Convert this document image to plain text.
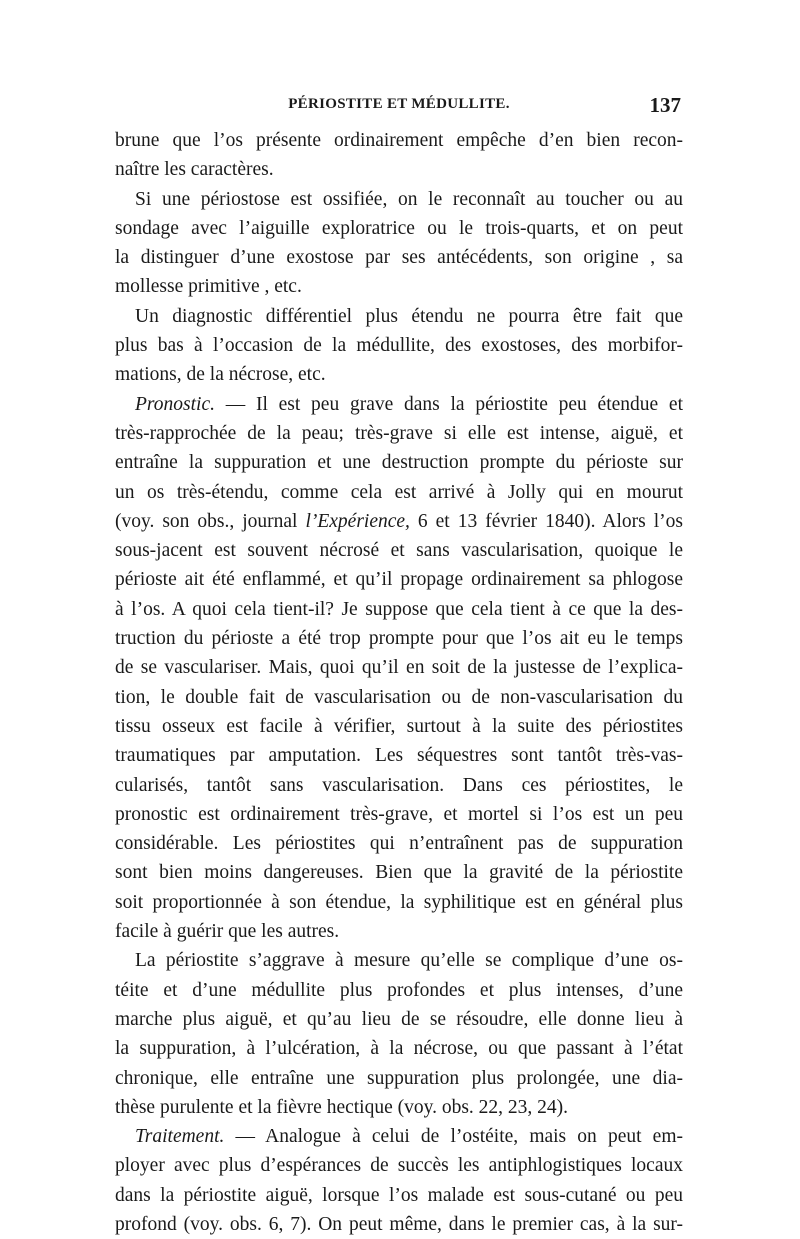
PÉRIOSTITE ET MÉDULLITE.	137
brune que l’os présente ordinairement empêche d’en bien recon-
naître les caractères.
Si une périostose est ossifiée, on le reconnaît au toucher ou au
sondage avec l’aiguille exploratrice ou le trois-quarts, et on peut
la distinguer d’une exostose par ses antécédents, son origine , sa
mollesse primitive , etc.
Un diagnostic différentiel plus étendu ne pourra être fait que
plus bas à l’occasion de la médullite, des exostoses, des morbifor-
mations, de la nécrose, etc.
Pronostic. — Il est peu grave dans la périostite peu étendue et
très-rapprochée de la peau; très-grave si elle est intense, aiguë, et
entraîne la suppuration et une destruction prompte du périoste sur
un os très-étendu, comme cela est arrivé à Jolly qui en mourut
(voy. son obs., journal l’Expérience, 6 et 13 février 1840). Alors l’os
sous-jacent est souvent nécrosé et sans vascularisation, quoique le
périoste ait été enflammé, et qu’il propage ordinairement sa phlogose
à l’os. A quoi cela tient-il? Je suppose que cela tient à ce que la des-
truction du périoste a été trop prompte pour que l’os ait eu le temps
de se vasculariser. Mais, quoi qu’il en soit de la justesse de l’explica-
tion, le double fait de vascularisation ou de non-vascularisation du
tissu osseux est facile à vérifier, surtout à la suite des périostites
traumatiques par amputation. Les séquestres sont tantôt très-vas-
cularisés, tantôt sans vascularisation. Dans ces périostites, le
pronostic est ordinairement très-grave, et mortel si l’os est un peu
considérable. Les périostites qui n’entraînent pas de suppuration
sont bien moins dangereuses. Bien que la gravité de la périostite
soit proportionnée à son étendue, la syphilitique est en général plus
facile à guérir que les autres.
La périostite s’aggrave à mesure qu’elle se complique d’une os-
téite et d’une médullite plus profondes et plus intenses, d’une
marche plus aiguë, et qu’au lieu de se résoudre, elle donne lieu à
la suppuration, à l’ulcération, à la nécrose, ou que passant à l’état
chronique, elle entraîne une suppuration plus prolongée, une dia-
thèse purulente et la fièvre hectique (voy. obs. 22, 23, 24).
Traitement. — Analogue à celui de l’ostéite, mais on peut em-
ployer avec plus d’espérances de succès les antiphlogistiques locaux
dans la périostite aiguë, lorsque l’os malade est sous-cutané ou peu
profond (voy. obs. 6, 7). On peut même, dans le premier cas, à la sur-
